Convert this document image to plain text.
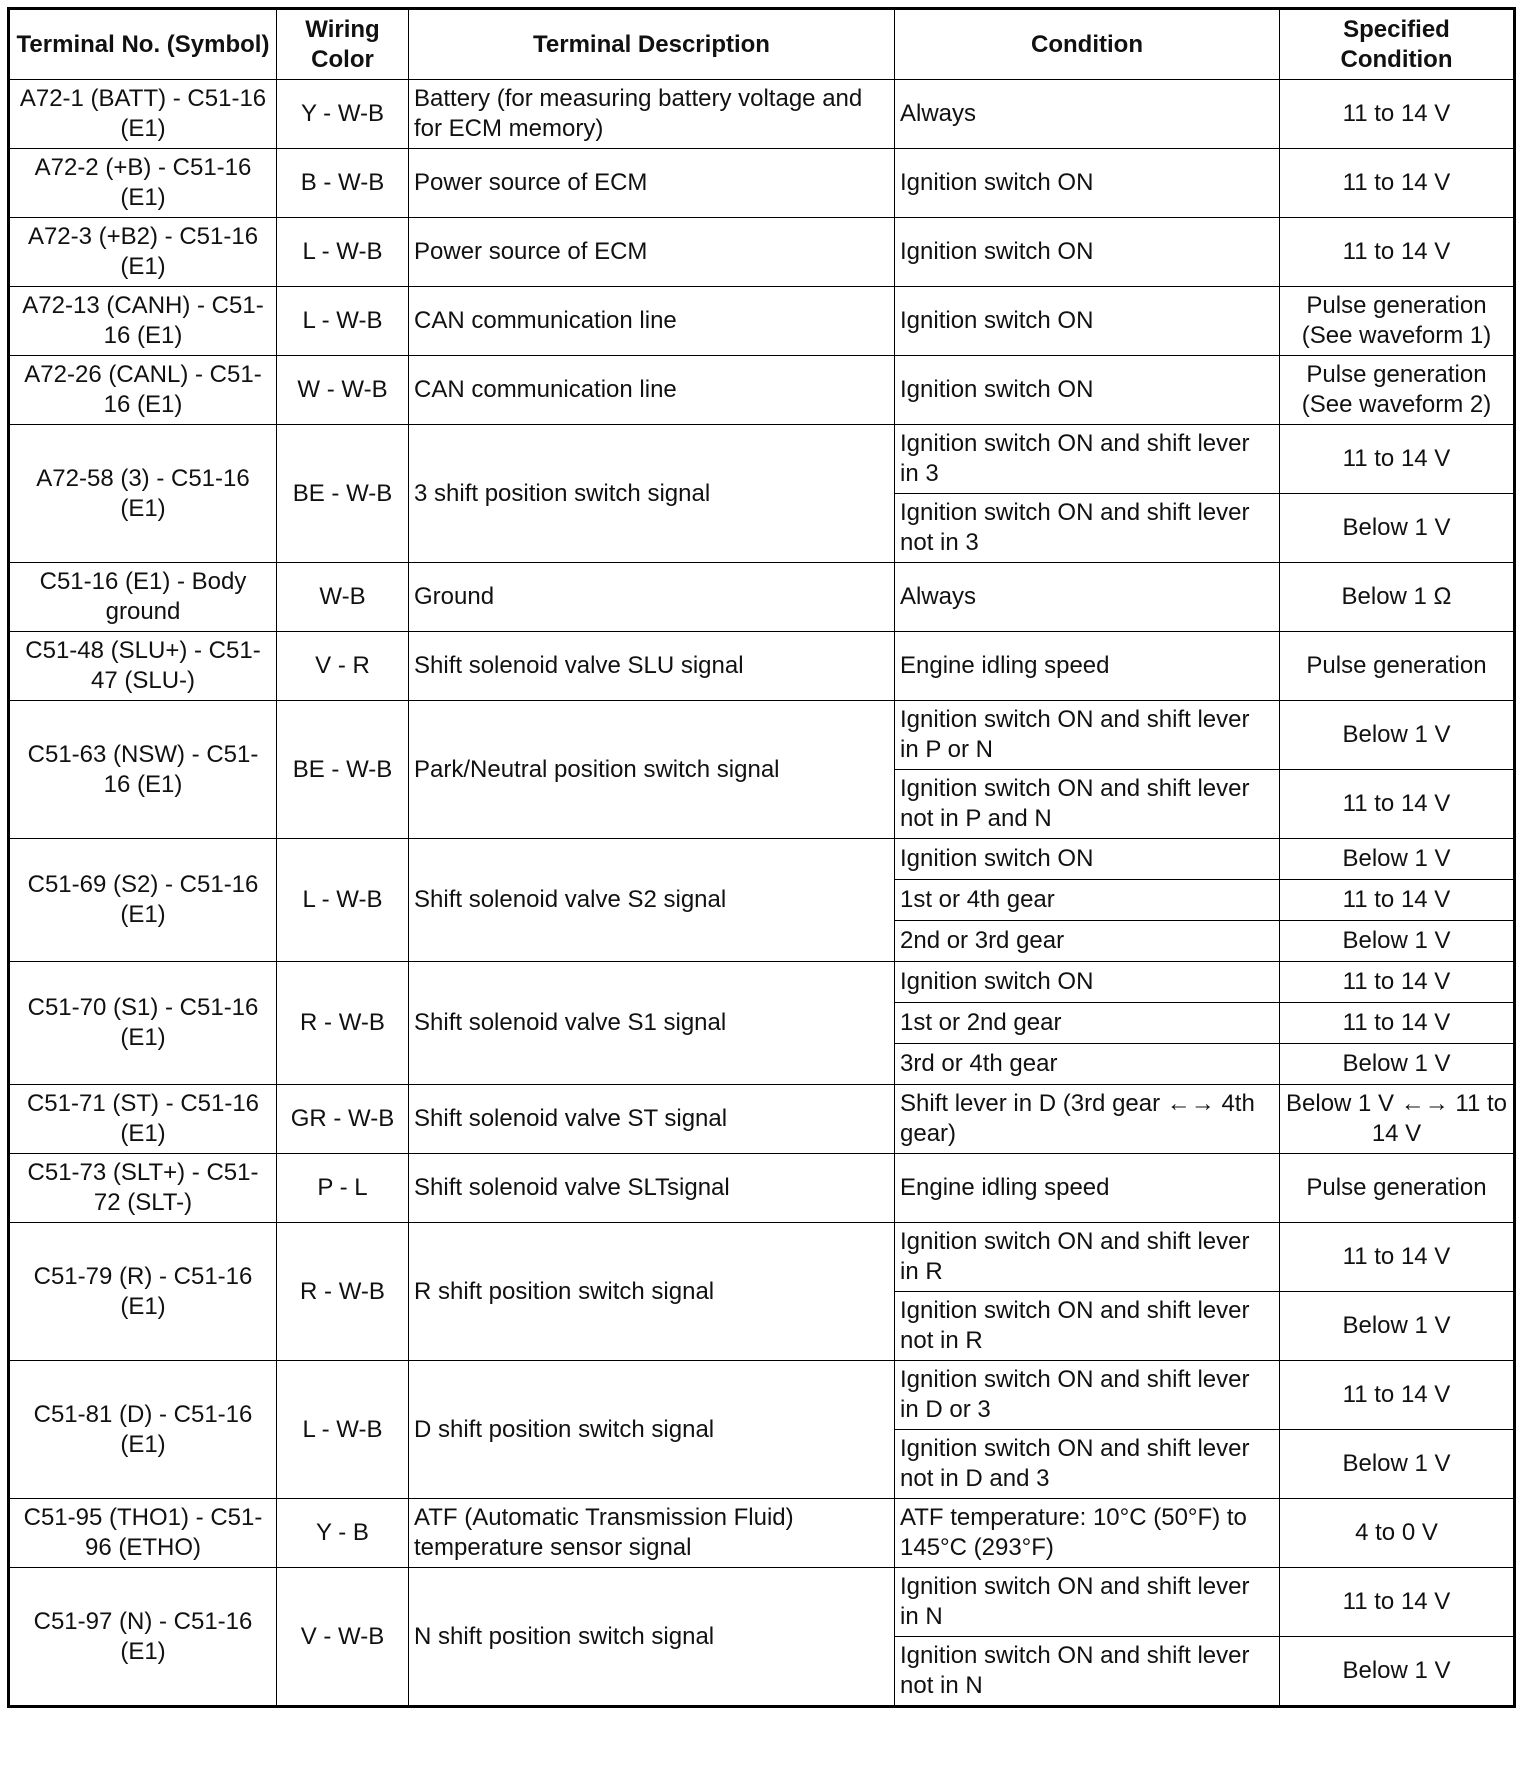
Terminal No. (Symbol)	Wiring Color	Terminal Description	Condition	Specified Condition
A72-1 (BATT) - C51-16 (E1)	Y - W-B	Battery (for measuring battery voltage and for ECM memory)	Always	11 to 14 V
A72-2 (+B) - C51-16 (E1)	B - W-B	Power source of ECM	Ignition switch ON	11 to 14 V
A72-3 (+B2) - C51-16 (E1)	L - W-B	Power source of ECM	Ignition switch ON	11 to 14 V
A72-13 (CANH) - C51-16 (E1)	L - W-B	CAN communication line	Ignition switch ON	Pulse generation (See waveform 1)
A72-26 (CANL) - C51-16 (E1)	W - W-B	CAN communication line	Ignition switch ON	Pulse generation (See waveform 2)
A72-58 (3) - C51-16 (E1)	BE - W-B	3 shift position switch signal	Ignition switch ON and shift lever in 3	11 to 14 V
			Ignition switch ON and shift lever not in 3	Below 1 V
C51-16 (E1) - Body ground	W-B	Ground	Always	Below 1 Ω
C51-48 (SLU+) - C51-47 (SLU-)	V - R	Shift solenoid valve SLU signal	Engine idling speed	Pulse generation
C51-63 (NSW) - C51-16 (E1)	BE - W-B	Park/Neutral position switch signal	Ignition switch ON and shift lever in P or N	Below 1 V
			Ignition switch ON and shift lever not in P and N	11 to 14 V
C51-69 (S2) - C51-16 (E1)	L - W-B	Shift solenoid valve S2 signal	Ignition switch ON	Below 1 V
			1st or 4th gear	11 to 14 V
			2nd or 3rd gear	Below 1 V
C51-70 (S1) - C51-16 (E1)	R - W-B	Shift solenoid valve S1 signal	Ignition switch ON	11 to 14 V
			1st or 2nd gear	11 to 14 V
			3rd or 4th gear	Below 1 V
C51-71 (ST) - C51-16 (E1)	GR - W-B	Shift solenoid valve ST signal	Shift lever in D (3rd gear ←→ 4th gear)	Below 1 V ←→ 11 to 14 V
C51-73 (SLT+) - C51-72 (SLT-)	P - L	Shift solenoid valve SLTsignal	Engine idling speed	Pulse generation
C51-79 (R) - C51-16 (E1)	R - W-B	R shift position switch signal	Ignition switch ON and shift lever in R	11 to 14 V
			Ignition switch ON and shift lever not in R	Below 1 V
C51-81 (D) - C51-16 (E1)	L - W-B	D shift position switch signal	Ignition switch ON and shift lever in D or 3	11 to 14 V
			Ignition switch ON and shift lever not in D and 3	Below 1 V
C51-95 (THO1) - C51-96 (ETHO)	Y - B	ATF (Automatic Transmission Fluid) temperature sensor signal	ATF temperature: 10°C (50°F) to 145°C (293°F)	4 to 0 V
C51-97 (N) - C51-16 (E1)	V - W-B	N shift position switch signal	Ignition switch ON and shift lever in N	11 to 14 V
			Ignition switch ON and shift lever not in N	Below 1 V
